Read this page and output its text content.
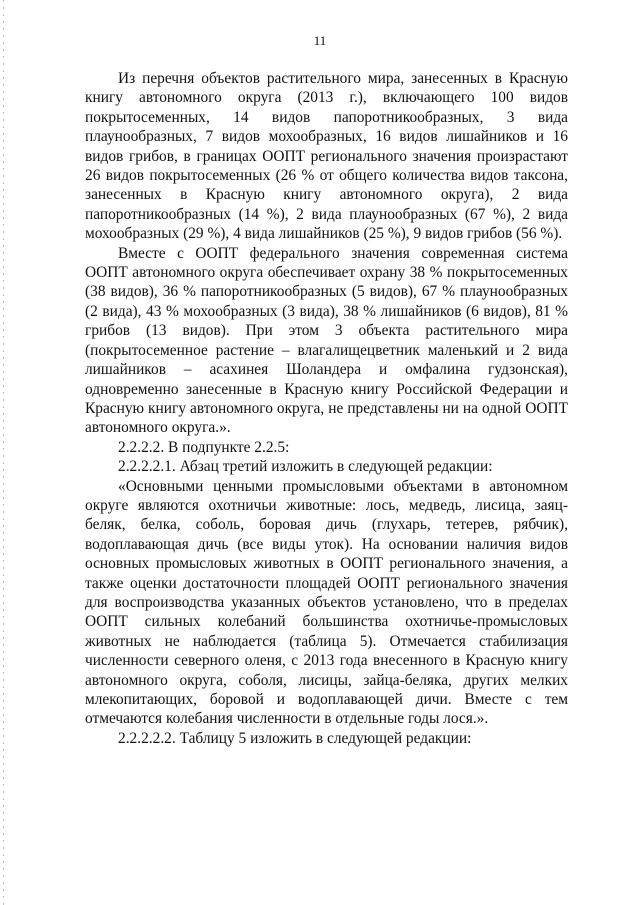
11

Из перечня объектов растительного мира, занесенных в Красную книгу автономного округа (2013 г.), включающего 100 видов покрытосеменных, 14 видов папоротникообразных, 3 вида плаунообразных, 7 видов мохообразных, 16 видов лишайников и 16 видов грибов, в границах ООПТ регионального значения произрастают 26 видов покрытосеменных (26 % от общего количества видов таксона, занесенных в Красную книгу автономного округа), 2 вида папоротникообразных (14 %), 2 вида плаунообразных (67 %), 2 вида мохообразных (29 %), 4 вида лишайников (25 %), 9 видов грибов (56 %).

Вместе с ООПТ федерального значения современная система ООПТ автономного округа обеспечивает охрану 38 % покрытосеменных (38 видов), 36 % папоротникообразных (5 видов), 67 % плаунообразных (2 вида), 43 % мохообразных (3 вида), 38 % лишайников (6 видов), 81 % грибов (13 видов). При этом 3 объекта растительного мира (покрытосеменное растение – влагалищецветник маленький и 2 вида лишайников – асахинея Шоландера и омфалина гудзонская), одновременно занесенные в Красную книгу Российской Федерации и Красную книгу автономного округа, не представлены ни на одной ООПТ автономного округа.».

2.2.2.2. В подпункте 2.2.5:

2.2.2.2.1. Абзац третий изложить в следующей редакции:

«Основными ценными промысловыми объектами в автономном округе являются охотничьи животные: лось, медведь, лисица, заяц-беляк, белка, соболь, боровая дичь (глухарь, тетерев, рябчик), водоплавающая дичь (все виды уток). На основании наличия видов основных промысловых животных в ООПТ регионального значения, а также оценки достаточности площадей ООПТ регионального значения для воспроизводства указанных объектов установлено, что в пределах ООПТ сильных колебаний большинства охотничье-промысловых животных не наблюдается (таблица 5). Отмечается стабилизация численности северного оленя, с 2013 года внесенного в Красную книгу автономного округа, соболя, лисицы, зайца-беляка, других мелких млекопитающих, боровой и водоплавающей дичи. Вместе с тем отмечаются колебания численности в отдельные годы лося.».

2.2.2.2.2. Таблицу 5 изложить в следующей редакции:
